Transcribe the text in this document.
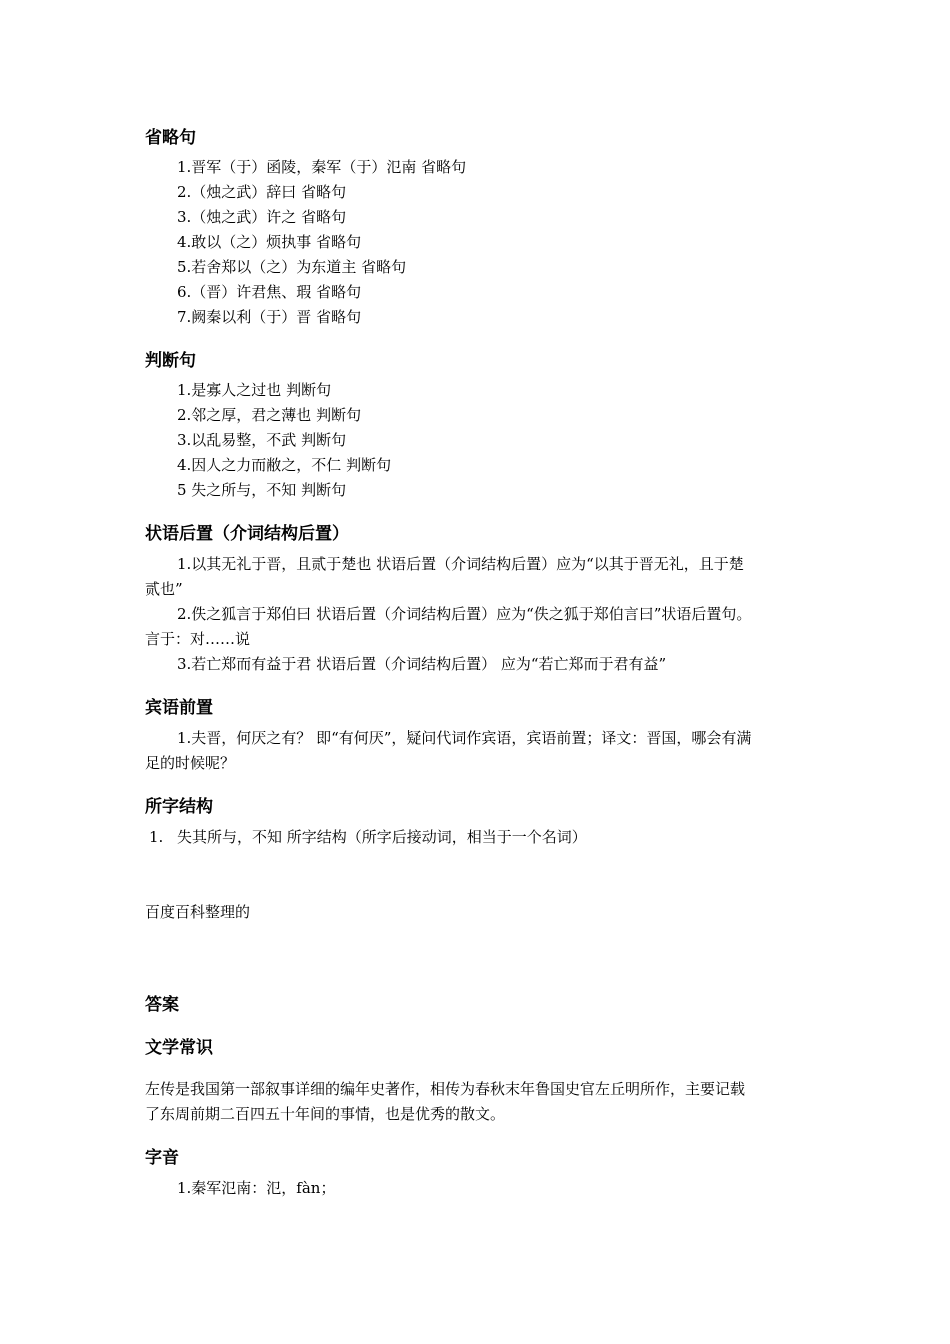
省略句

1.晋军（于）函陵，秦军（于）氾南 省略句

2.（烛之武）辞曰 省略句

3.（烛之武）许之 省略句

4.敢以（之）烦执事 省略句

5.若舍郑以（之）为东道主 省略句

6.（晋）许君焦、瑕 省略句

7.阙秦以利（于）晋 省略句

判断句

1.是寡人之过也 判断句

2.邻之厚，君之薄也 判断句

3.以乱易整，不武 判断句

4.因人之力而敝之，不仁 判断句

5 失之所与，不知 判断句

状语后置（介词结构后置）

1.以其无礼于晋，且贰于楚也 状语后置（介词结构后置）应为“以其于晋无礼，且于楚

贰也”

2.佚之狐言于郑伯曰 状语后置（介词结构后置）应为“佚之狐于郑伯言曰”状语后置句。

言于：对……说

3.若亡郑而有益于君 状语后置（介词结构后置） 应为“若亡郑而于君有益”

宾语前置

1.夫晋，何厌之有？ 即“有何厌”，疑问代词作宾语，宾语前置；译文：晋国，哪会有满

足的时候呢？

所字结构
1. 失其所与，不知 所字结构（所字后接动词，相当于一个名词）

百度百科整理的

答案
文学常识

左传是我国第一部叙事详细的编年史著作，相传为春秋末年鲁国史官左丘明所作，主要记载

了东周前期二百四五十年间的事情，也是优秀的散文。

字音

1.秦军氾南：氾，fàn；
